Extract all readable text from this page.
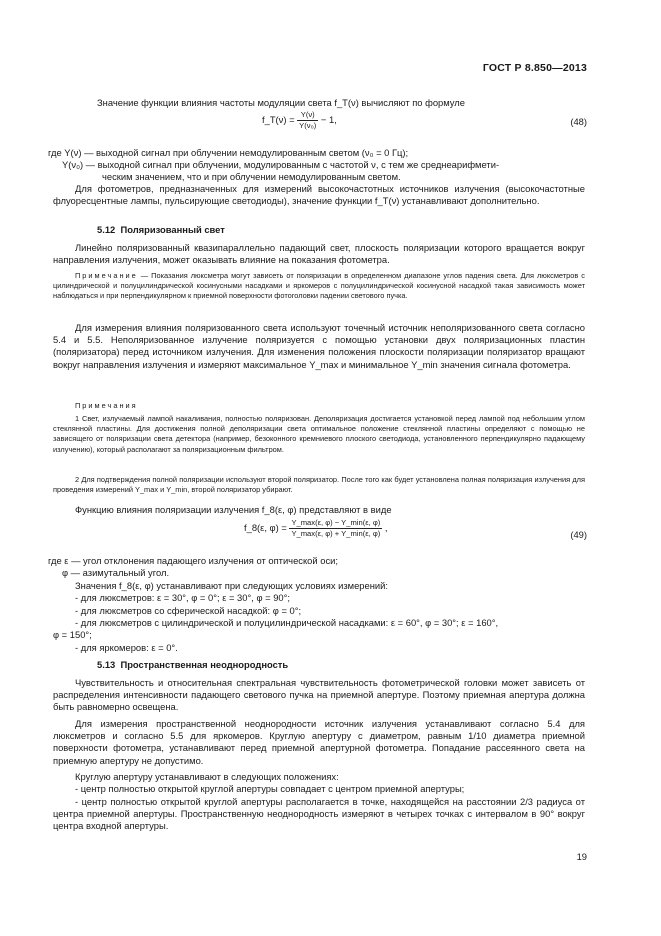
ГОСТ Р 8.850—2013

Значение функции влияния частоты модуляции света f_T(ν) вычисляют по формуле

f_T(ν) = $\frac{Y(\nu)}{\text{Y(ν₀)}} - 1$,	(48)

где Y(ν) — выходной сигнал при облучении немодулированным светом (ν₀ = 0 Гц);

Y(ν₀) — выходной сигнал при облучении, модулированным с частотой ν, с тем же среднеарифмети-

ческим значением, что и при облучении немодулированным светом.

Для фотометров, предназначенных для измерений высокочастотных источников излучения (высокочастотные флуоресцентные лампы, пульсирующие светодиоды), значение функции f_T(ν) устанавливают дополнительно.

5.12 Поляризованный свет

Линейно поляризованный квазипараллельно падающий свет, плоскость поляризации которого вращается вокруг направления излучения, может оказывать влияние на показания фотометра.

Примечание — Показания люксметра могут зависеть от поляризации в определенном диапазоне углов падения света. Для люксметров с цилиндрической и полуцилиндрической косинусными насадками и яркомеров с полуцилиндрической косинусной насадкой такая зависимость может наблюдаться и при перпендикулярном к приемной поверхности фотоголовки падении светового пучка.

Для измерения влияния поляризованного света используют точечный источник неполяризованного света согласно 5.4 и 5.5. Неполяризованное излучение поляризуется с помощью установки двух поляризационных пластин (поляризатора) перед источником излучения. Для изменения положения плоскости поляризации поляризатор вращают вокруг направления излучения и измеряют максимальное Y_max и минимальное Y_min значения сигнала фотометра.

Примечания

1 Свет, излучаемый лампой накаливания, полностью поляризован. Деполяризация достигается установкой перед лампой под небольшим углом стеклянной пластины. Для достижения полной деполяризации света оптимальное положение стеклянной пластины определяют с помощью не зависящего от поляризации света детектора (например, безоконного кремниевого плоского светодиода, установленного перпендикулярно падающему излучению), который располагают за поляризационным фильтром.

2 Для подтверждения полной поляризации используют второй поляризатор. После того как будет установлена полная поляризация излучения для проведения измерений Y_max и Y_min, второй поляризатор убирают.

Функцию влияния поляризации излучения f_8(ε, φ) представляют в виде

f_8(ε, $\varphi) = \frac{Y\_\max(\varepsilon, \varphi) - Y\_\min(\varepsilon, \varphi)}{Y\_\max(\varepsilon, \varphi) + Y\_\min(\varepsilon, \varphi)}$ ,
(49)

где ε — угол отклонения падающего излучения от оптической оси;

φ — азимутальный угол.

Значения f_8(ε, φ) устанавливают при следующих условиях измерений:

- для люксметров: ε = 30°, φ = 0°; ε = 30°, φ = 90°;

- для люксметров со сферической насадкой: φ = 0°;

- для люксметров с цилиндрической и полуцилиндрической насадками: ε = 60°, φ = 30°; ε = 160°,

φ = 150°;

- для яркомеров: ε = 0°.

5.13 Пространственная неоднородность

Чувствительность и относительная спектральная чувствительность фотометрической головки может зависеть от распределения интенсивности падающего светового пучка на приемной апертуре. Поэтому приемная апертура должна быть равномерно освещена.

Для измерения пространственной неоднородности источник излучения устанавливают согласно 5.4 для люксметров и согласно 5.5 для яркомеров. Круглую апертуру с диаметром, равным 1/10 диаметра приемной поверхности фотометра, устанавливают перед приемной апертурной фотометра. Попадание рассеянного света на приемную апертуру не допустимо.

Круглую апертуру устанавливают в следующих положениях:

- центр полностью открытой круглой апертуры совпадает с центром приемной апертуры;

- центр полностью открытой круглой апертуры располагается в точке, находящейся на расстоянии 2/3 радиуса от центра приемной апертуры. Пространственную неоднородность измеряют в четырех точках с интервалом в 90° вокруг центра входной апертуры.

19
